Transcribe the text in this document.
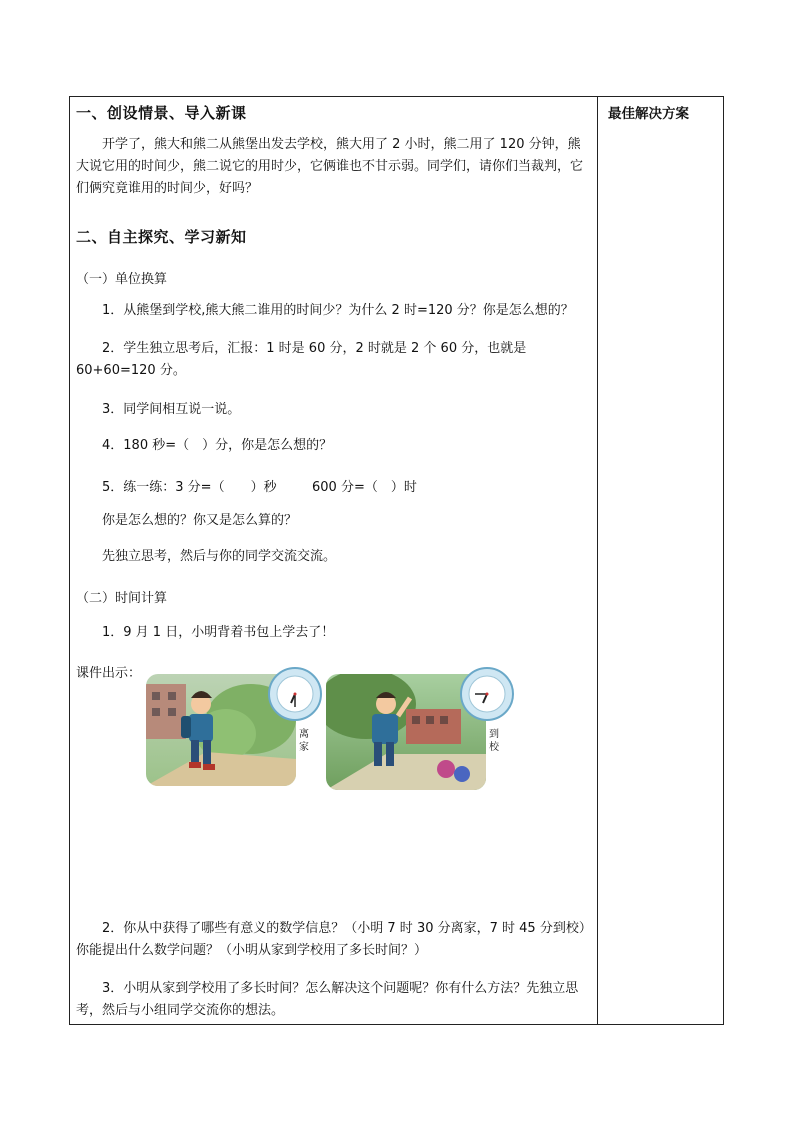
最佳解决方案
一、创设情景、导入新课
开学了，熊大和熊二从熊堡出发去学校，熊大用了 2 小时，熊二用了 120 分钟，熊大说它用的时间少，熊二说它的用时少，它俩谁也不甘示弱。同学们，请你们当裁判，它们俩究竟谁用的时间少，好吗？
二、自主探究、学习新知
（一）单位换算
1．从熊堡到学校,熊大熊二谁用的时间少？为什么 2 时=120 分？你是怎么想的？
2．学生独立思考后，汇报：1 时是 60 分，2 时就是 2 个 60 分，也就是 60+60=120 分。
3．同学间相互说一说。
4．180 秒=（　）分，你是怎么想的？
5．练一练：3 分=（　　）秒	600 分=（　）时
你是怎么想的？你又是怎么算的？
先独立思考，然后与你的同学交流交流。
（二）时间计算
1．9 月 1 日，小明背着书包上学去了！
课件出示：
离家
到校
2．你从中获得了哪些有意义的数学信息？（小明 7 时 30 分离家，7 时 45 分到校）你能提出什么数学问题？（小明从家到学校用了多长时间？）
3．小明从家到学校用了多长时间？怎么解决这个问题呢？你有什么方法？先独立思考，然后与小组同学交流你的想法。
